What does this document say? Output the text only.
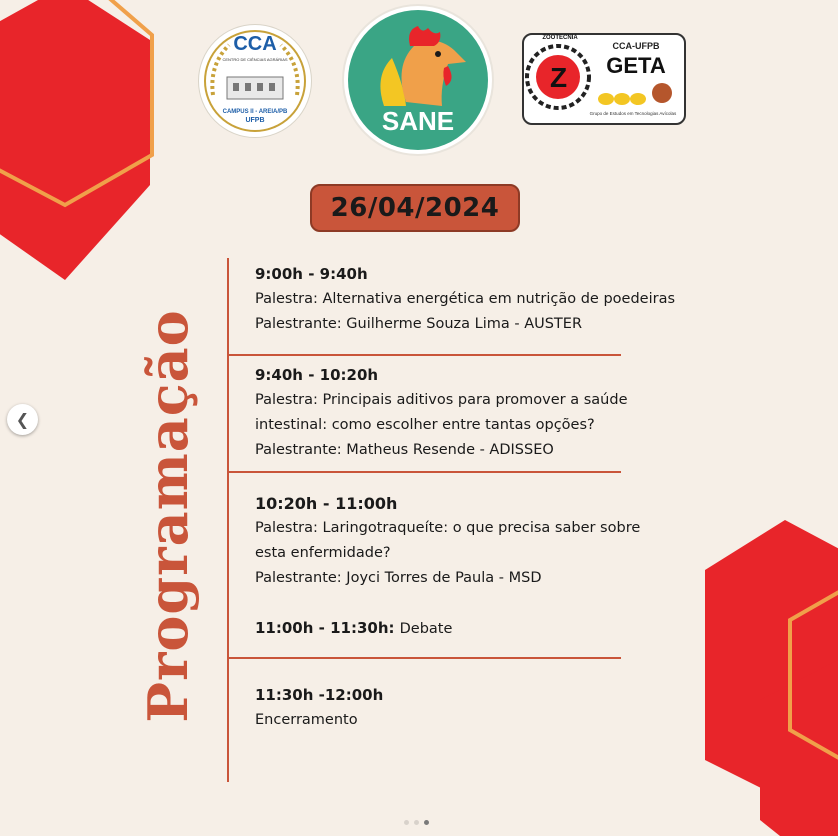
CCA
CENTRO DE CIÊNCIAS AGRÁRIAS
CAMPUS II - AREIA/PB
UFPB	SANE
Z
ZOOTECNIA
CCA-UFPB
GETA
Grupo de Estudos em Tecnologias Avícolas
26/04/2024
Programação
9:00h - 9:40h
Palestra: Alternativa energética em nutrição de poedeiras
Palestrante: Guilherme Souza Lima - AUSTER
9:40h - 10:20h
Palestra: Principais aditivos para promover a saúde
intestinal: como escolher entre tantas opções?
Palestrante: Matheus Resende - ADISSEO
10:20h - 11:00h
Palestra: Laringotraqueíte: o que precisa saber sobre
esta enfermidade?
Palestrante: Joyci Torres de Paula - MSD
11:00h - 11:30h: Debate
11:30h -12:00h
Encerramento
❮
